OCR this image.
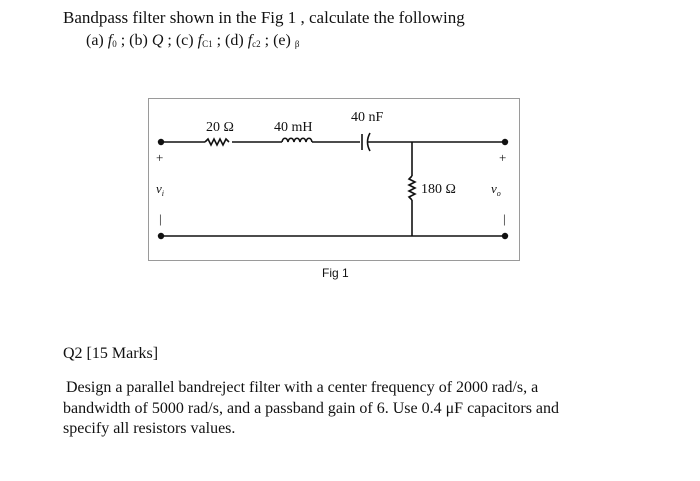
Bandpass filter shown in the Fig 1 , calculate the following
(a) $f_0$ ; (b) Q ; (c) $f_{C1}$ ; (d) $f_{c2}$ ; (e) $_\beta$
20 Ω	40 mH
40 nF
180 Ω
+
|
$v_i$
+
|
$v_o$
Fig 1
Q2 [15 Marks]
Design a parallel bandreject filter with a center frequency of 2000 rad/s, a
bandwidth of 5000 rad/s, and a passband gain of 6. Use 0.4 μF capacitors and
specify all resistors values.
